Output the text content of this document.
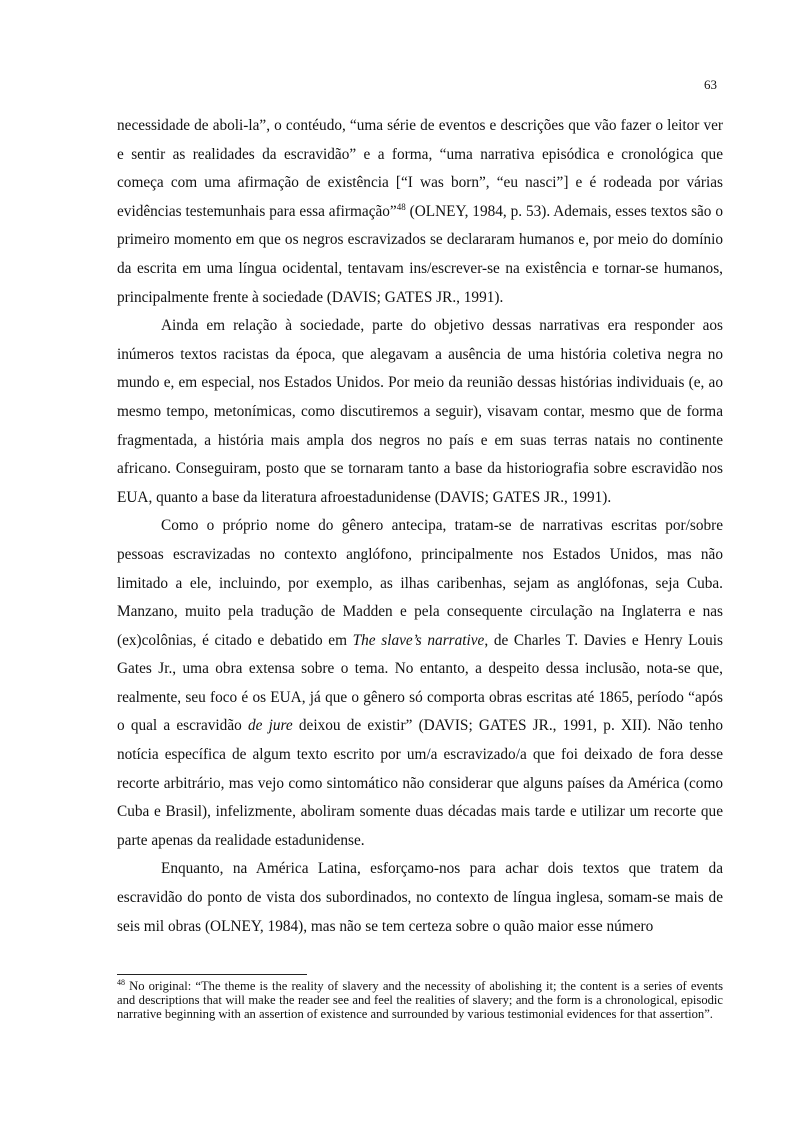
63

necessidade de aboli-la”, o contéudo, “uma série de eventos e descrições que vão fazer o leitor ver e sentir as realidades da escravidão” e a forma, “uma narrativa episódica e cronológica que começa com uma afirmação de existência [“I was born”, “eu nasci”] e é rodeada por várias evidências testemunhais para essa afirmação”$^{48}$ (OLNEY, 1984, p. 53). Ademais, esses textos são o primeiro momento em que os negros escravizados se declararam humanos e, por meio do domínio da escrita em uma língua ocidental, tentavam ins/escrever-se na existência e tornar-se humanos, principalmente frente à sociedade (DAVIS; GATES JR., 1991).

Ainda em relação à sociedade, parte do objetivo dessas narrativas era responder aos inúmeros textos racistas da época, que alegavam a ausência de uma história coletiva negra no mundo e, em especial, nos Estados Unidos. Por meio da reunião dessas histórias individuais (e, ao mesmo tempo, metonímicas, como discutiremos a seguir), visavam contar, mesmo que de forma fragmentada, a história mais ampla dos negros no país e em suas terras natais no continente africano. Conseguiram, posto que se tornaram tanto a base da historiografia sobre escravidão nos EUA, quanto a base da literatura afroestadunidense (DAVIS; GATES JR., 1991).

Como o próprio nome do gênero antecipa, tratam-se de narrativas escritas por/sobre pessoas escravizadas no contexto anglófono, principalmente nos Estados Unidos, mas não limitado a ele, incluindo, por exemplo, as ilhas caribenhas, sejam as anglófonas, seja Cuba. Manzano, muito pela tradução de Madden e pela consequente circulação na Inglaterra e nas (ex)colônias, é citado e debatido em The slave’s narrative, de Charles T. Davies e Henry Louis Gates Jr., uma obra extensa sobre o tema. No entanto, a despeito dessa inclusão, nota-se que, realmente, seu foco é os EUA, já que o gênero só comporta obras escritas até 1865, período “após o qual a escravidão de jure deixou de existir” (DAVIS; GATES JR., 1991, p. XII). Não tenho notícia específica de algum texto escrito por um/a escravizado/a que foi deixado de fora desse recorte arbitrário, mas vejo como sintomático não considerar que alguns países da América (como Cuba e Brasil), infelizmente, aboliram somente duas décadas mais tarde e utilizar um recorte que parte apenas da realidade estadunidense.

Enquanto, na América Latina, esforçamo-nos para achar dois textos que tratem da escravidão do ponto de vista dos subordinados, no contexto de língua inglesa, somam-se mais de seis mil obras (OLNEY, 1984), mas não se tem certeza sobre o quão maior esse número

$^{48}$ No original: “The theme is the reality of slavery and the necessity of abolishing it; the content is a series of events and descriptions that will make the reader see and feel the realities of slavery; and the form is a chronological, episodic narrative beginning with an assertion of existence and surrounded by various testimonial evidences for that assertion”.
